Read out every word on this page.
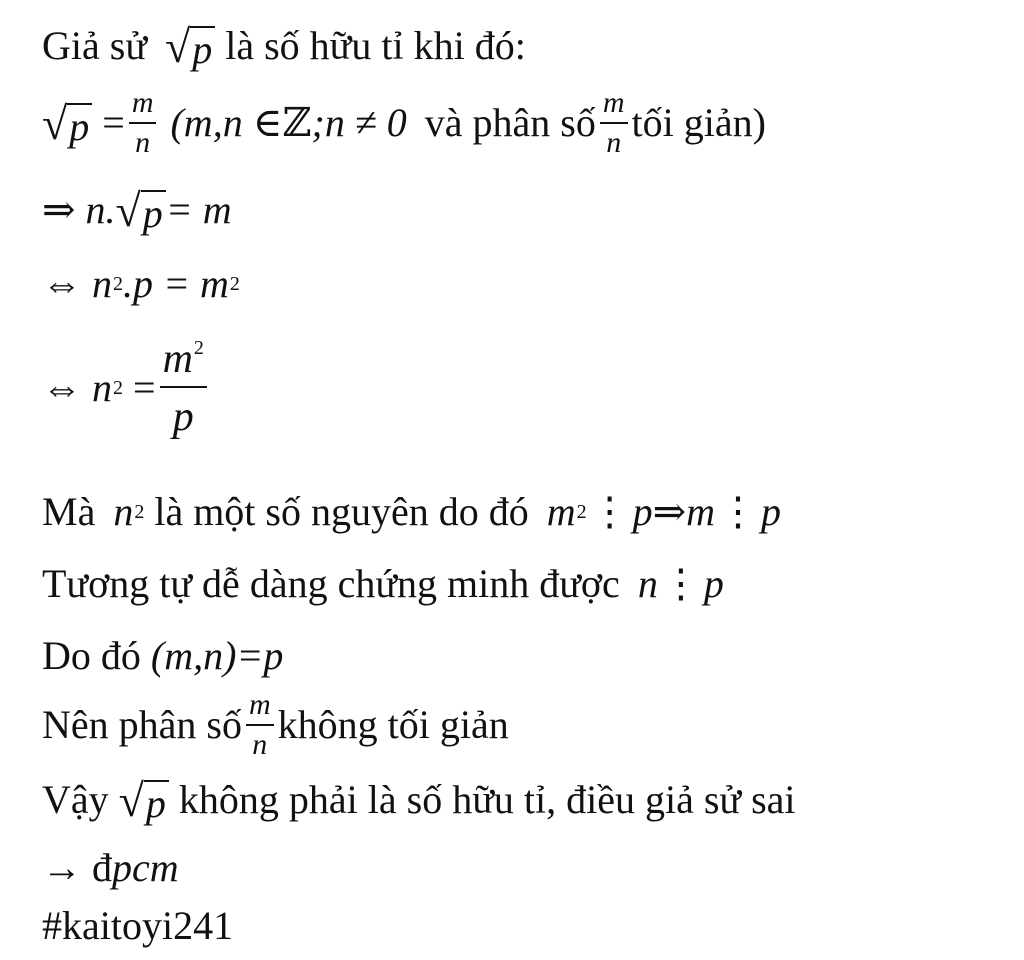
Giả sử √ p là số hữu tỉ khi đó:
√ $p = \frac{m}{n} (m,n$ ∈ ℤ ;n ≠ 0 và phân số $\frac{m}{n}$ tối giản)
⇒ n. √ p = m
⇔ n 2 .p = m 2
⇔ n $2 = \frac{m^2}{p}$
Mà n 2 là một số nguyên do đó m 2 ⋮ p ⇒ m ⋮ p
Tương tự dễ dàng chứng minh được n ⋮ p
Do đó (m,n)=p
Nên phân số $\frac{m}{n}$ không tối giản
Vậy √ p không phải là số hữu tỉ, điều giả sử sai
→ đ pcm
#kaitoyi241
